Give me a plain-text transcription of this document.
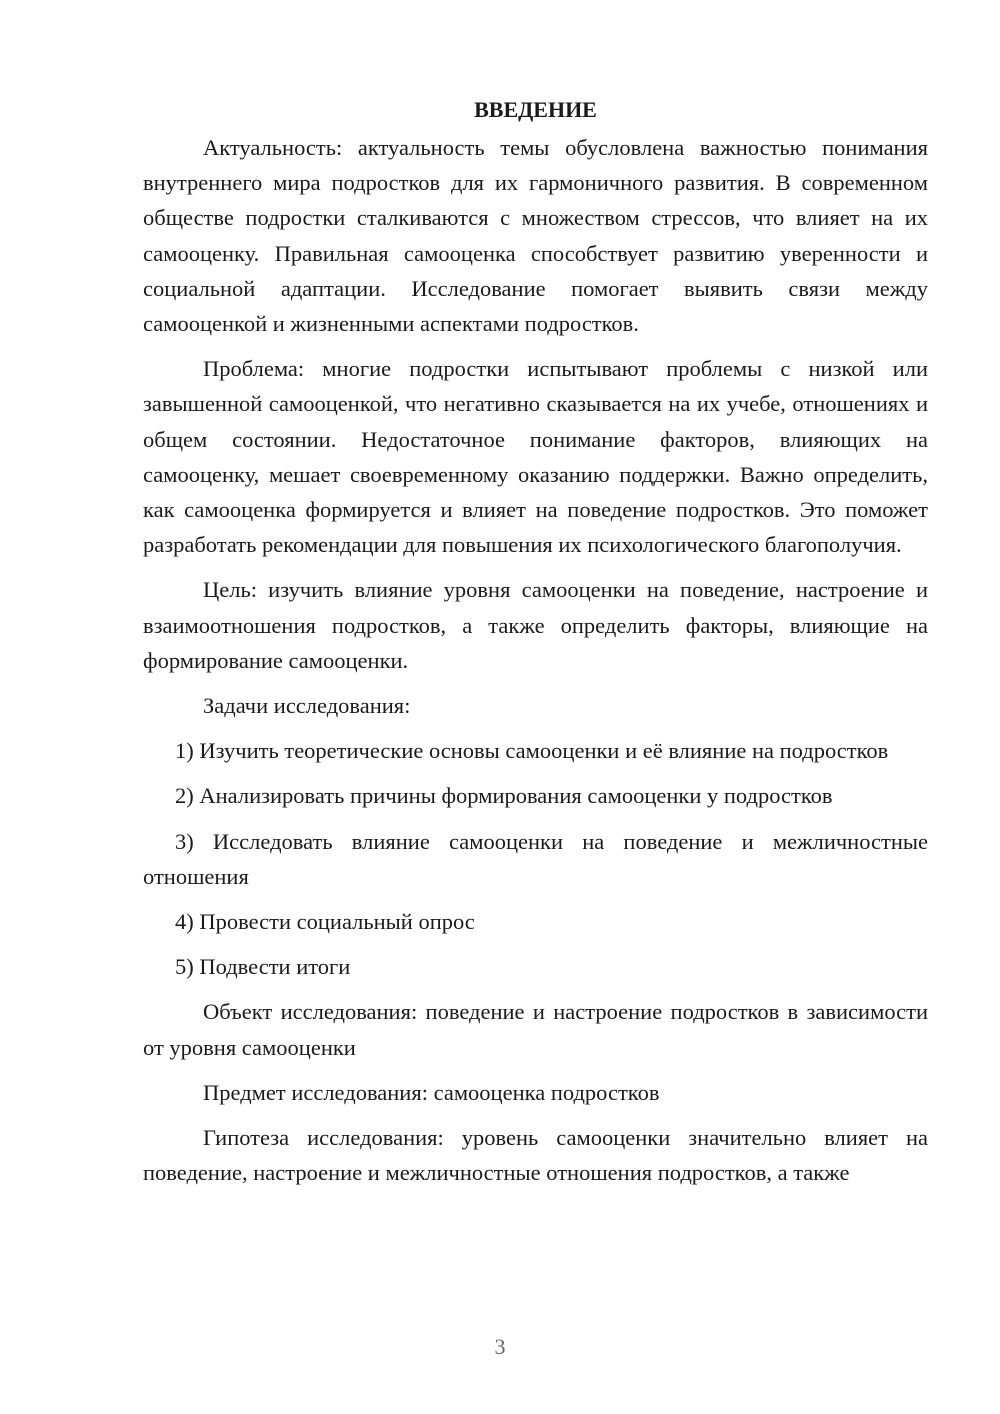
ВВЕДЕНИЕ

Актуальность: актуальность темы обусловлена важностью понимания внутреннего мира подростков для их гармоничного развития. В современном обществе подростки сталкиваются с множеством стрессов, что влияет на их самооценку. Правильная самооценка способствует развитию уверенности и социальной адаптации. Исследование помогает выявить связи между самооценкой и жизненными аспектами подростков.

Проблема: многие подростки испытывают проблемы с низкой или завышенной самооценкой, что негативно сказывается на их учебе, отношениях и общем состоянии. Недостаточное понимание факторов, влияющих на самооценку, мешает своевременному оказанию поддержки. Важно определить, как самооценка формируется и влияет на поведение подростков. Это поможет разработать рекомендации для повышения их психологического благополучия.

Цель: изучить влияние уровня самооценки на поведение, настроение и взаимоотношения подростков, а также определить факторы, влияющие на формирование самооценки.

Задачи исследования:

1) Изучить теоретические основы самооценки и её влияние на подростков

2) Анализировать причины формирования самооценки у подростков

3) Исследовать влияние самооценки на поведение и межличностные отношения

4) Провести социальный опрос

5) Подвести итоги

Объект исследования: поведение и настроение подростков в зависимости от уровня самооценки

Предмет исследования: самооценка подростков

Гипотеза исследования: уровень самооценки значительно влияет на поведение, настроение и межличностные отношения подростков, а также

3
